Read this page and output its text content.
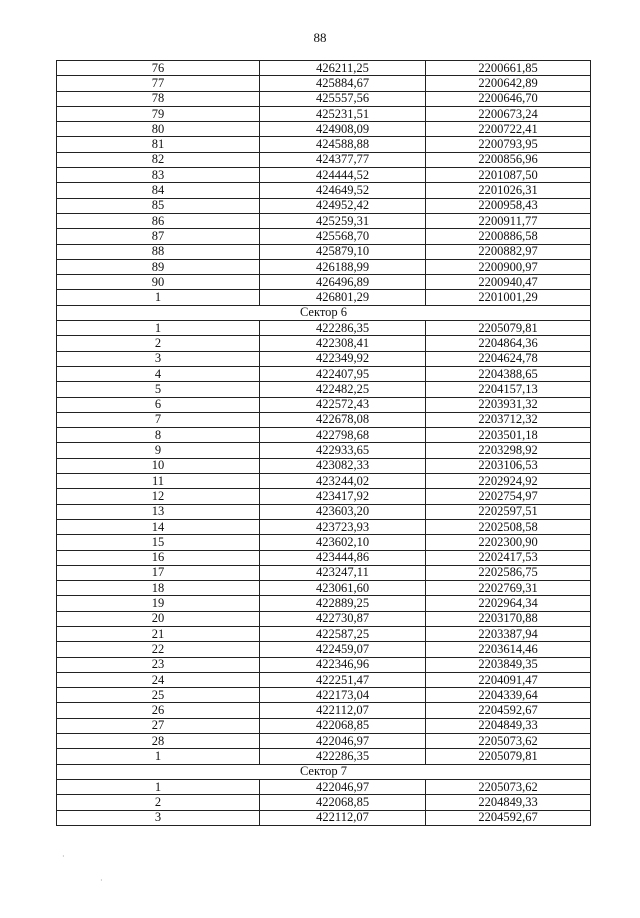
88
76	426211,25	2200661,85
77	425884,67	2200642,89
78	425557,56	2200646,70
79	425231,51	2200673,24
80	424908,09	2200722,41
81	424588,88	2200793,95
82	424377,77	2200856,96
83	424444,52	2201087,50
84	424649,52	2201026,31
85	424952,42	2200958,43
86	425259,31	2200911,77
87	425568,70	2200886,58
88	425879,10	2200882,97
89	426188,99	2200900,97
90	426496,89	2200940,47
1	426801,29	2201001,29
Сектор 6		
1	422286,35	2205079,81
2	422308,41	2204864,36
3	422349,92	2204624,78
4	422407,95	2204388,65
5	422482,25	2204157,13
6	422572,43	2203931,32
7	422678,08	2203712,32
8	422798,68	2203501,18
9	422933,65	2203298,92
10	423082,33	2203106,53
11	423244,02	2202924,92
12	423417,92	2202754,97
13	423603,20	2202597,51
14	423723,93	2202508,58
15	423602,10	2202300,90
16	423444,86	2202417,53
17	423247,11	2202586,75
18	423061,60	2202769,31
19	422889,25	2202964,34
20	422730,87	2203170,88
21	422587,25	2203387,94
22	422459,07	2203614,46
23	422346,96	2203849,35
24	422251,47	2204091,47
25	422173,04	2204339,64
26	422112,07	2204592,67
27	422068,85	2204849,33
28	422046,97	2205073,62
1	422286,35	2205079,81
Сектор 7		
1	422046,97	2205073,62
2	422068,85	2204849,33
3	422112,07	2204592,67
·
·
